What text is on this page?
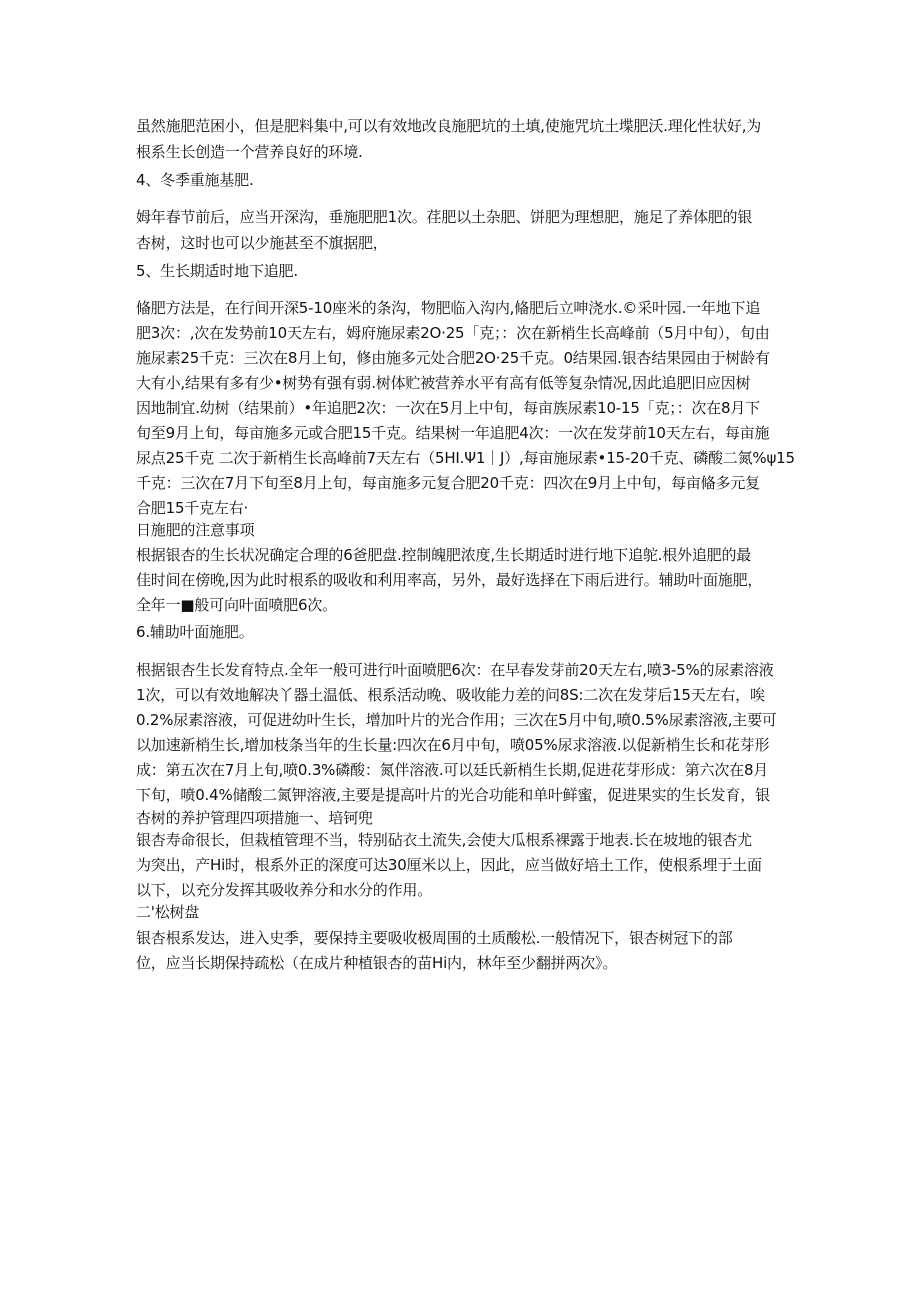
虽然施肥范困小，但是肥料集中,可以有效地改良施肥坑的土填,使施咒坑土堞肥沃.理化性状好,为
根系生长创造一个营养良好的环境.
4、冬季重施基肥.
姆年春节前后，应当开深沟，垂施肥肥1次。荏肥以土杂肥、饼肥为理想肥，施足了养体肥的银
杏树，这时也可以少施甚至不旗据肥，
5、生长期适时地下追肥.
偹肥方法是，在行间开深5-10座米的条沟，物肥临入沟内,偹肥后立呻浇水.©采叶园.一年地下追
肥3次：,次在发势前10天左右，姆府施尿素2O·25「克；：次在新梢生长高峰前（5月中旬），旬由
施尿素25千克：三次在8月上旬，修由施多元处合肥2O·25千克。0结果园.银杏结果园由于树龄有
大有小,结果有多有少•树势有强有弱.树体贮被营养水平有高有低等复杂情况,因此追肥旧应因树
因地制宜.幼树（结果前）•年追肥2次：一次在5月上中旬，每亩族尿素10-15「克；：次在8月下
旬至9月上旬，每亩施多元或合肥15千克。结果树一年追肥4次：一次在发芽前10天左右，每亩施
尿点25千克 二次于新梢生长高峰前7天左右（5HI.Ψ1｜J）,每亩施尿素•15-20千克、磷酸二氮%ψ15
千克：三次在7月下旬至8月上旬，每亩施多元复合肥20千克：四次在9月上中旬，每亩偹多元复
合肥15千克左右·
日施肥的注意事项
根据银杏的生长状况确定合理的6爸肥盘.控制魄肥浓度,生长期适时进行地下追鸵.根外追肥的最
佳时间在傍晚,因为此时根系的吸收和利用率高，另外，最好选择在下雨后进行。辅助叶面施肥，
全年一■般可向叶面喷肥6次。
6.辅助叶面施肥。
根据银杏生长发育特点.全年一般可进行叶面喷肥6次：在早春发芽前20天左右,喷3-5%的尿素溶液
1次，可以有效地解决丫器土温低、根系活动晚、吸收能力差的问8S:二次在发芽后15天左右，唉
0.2%尿素溶液，可促进幼叶生长，增加叶片的光合作用；三次在5月中旬,喷0.5%尿素溶液,主要可
以加速新梢生长,增加枝条当年的生长量:四次在6月中旬，喷05%尿求溶液.以促新梢生长和花芽形
成：第五次在7月上旬,喷0.3%磷酸：氮伴溶液.可以廷氏新梢生长期,促进花芽形成：第六次在8月
下旬，喷0.4%储酸二氮钾溶液,主要是提高叶片的光合功能和单叶鲜蜜，促进果实的生长发育，银
杏树的养护管理四项措施一、培钶兜
银杏寿命很长，但栽植管理不当，特别砧衣土流失,会使大瓜根系裸露于地表.长在坡地的银杏尤
为突出，产Hi时，根系外正的深度可达30厘米以上，因此，应当做好培土工作，使根系埋于土面
以下，以充分发挥其吸收养分和水分的作用。
二'松树盘
银杏根系发达，进入史季，要保持主要吸收极周围的土质酸松.一般情况下，银杏树冠下的部
位，应当长期保持疏松（在成片种植银杏的苗Hi内，林年至少翻拼两次》。
